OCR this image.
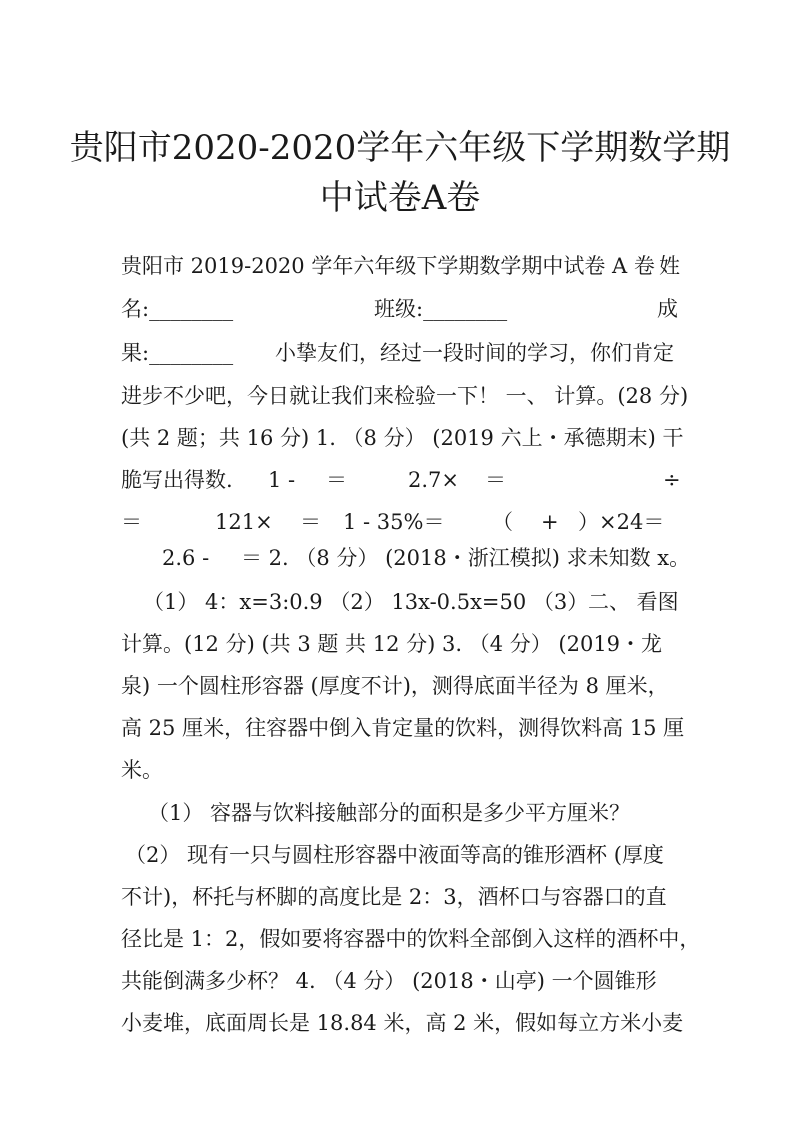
贵阳市2020-2020学年六年级下学期数学期
中试卷A卷
贵阳市 2019-2020 学年六年级下学期数学期中试卷 A 卷 姓
名:________	班级:________	成
果:________ 小挚友们，经过一段时间的学习，你们肯定
进步不少吧，今日就让我们来检验一下！ 一、 计算。(28 分)
(共 2 题；共 16 分) 1. （8 分） (2019 六上・承德期末) 干
脆写出得数. 1 - ＝	2.7× ＝	÷
＝	121× ＝ 1 - 35%＝ （ + ）×24＝
2.6 - ＝ 2. （8 分） (2018・浙江模拟) 求未知数 x。
（1） 4：x=3:0.9 （2） 13x-0.5x=50 （3） 二、 看图
计算。(12 分) (共 3 题 共 12 分) 3. （4 分） (2019・龙
泉) 一个圆柱形容器 (厚度不计)，测得底面半径为 8 厘米，
高 25 厘米，往容器中倒入肯定量的饮料，测得饮料高 15 厘
米。
（1） 容器与饮料接触部分的面积是多少平方厘米？
（2） 现有一只与圆柱形容器中液面等高的锥形酒杯 (厚度
不计)，杯托与杯脚的高度比是 2：3，酒杯口与容器口的直
径比是 1：2，假如要将容器中的饮料全部倒入这样的酒杯中，
共能倒满多少杯？ 4. （4 分） (2018・山亭) 一个圆锥形
小麦堆，底面周长是 18.84 米，高 2 米，假如每立方米小麦
